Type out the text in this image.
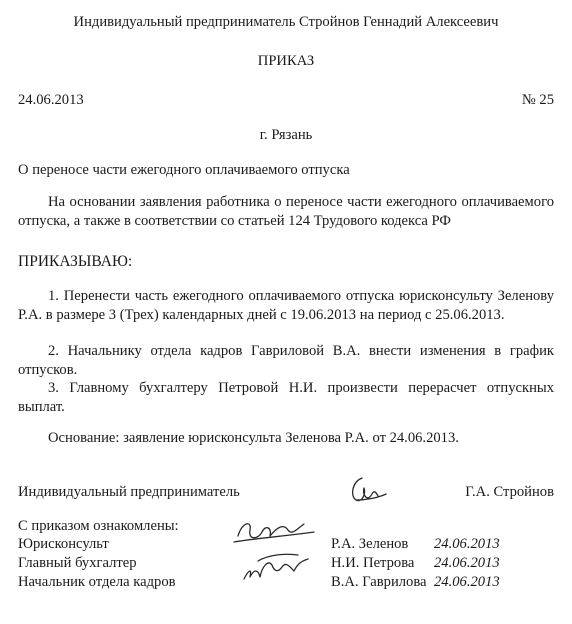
Индивидуальный предприниматель Стройнов Геннадий Алексеевич
ПРИКАЗ
24.06.2013	№ 25
г. Рязань
О переносе части ежегодного оплачиваемого отпуска
На основании заявления работника о переносе части ежегодного оплачиваемого отпуска, а также в соответствии со статьей 124 Трудового кодекса РФ
ПРИКАЗЫВАЮ:
1. Перенести часть ежегодного оплачиваемого отпуска юрисконсульту Зеленову Р.А. в размере 3 (Трех) календарных дней с 19.06.2013 на период с 25.06.2013.
2. Начальнику отдела кадров Гавриловой В.А. внести изменения в график отпусков.
3. Главному бухгалтеру Петровой Н.И. произвести перерасчет отпускных выплат.
Основание: заявление юрисконсульта Зеленова Р.А. от 24.06.2013.
Индивидуальный предприниматель	Г.А. Стройнов
С приказом ознакомлены:
Юрисконсульт	Р.А. Зеленов 24.06.2013
Главный бухгалтер	Н.И. Петрова 24.06.2013
Начальник отдела кадров	В.А. Гаврилова 24.06.2013
